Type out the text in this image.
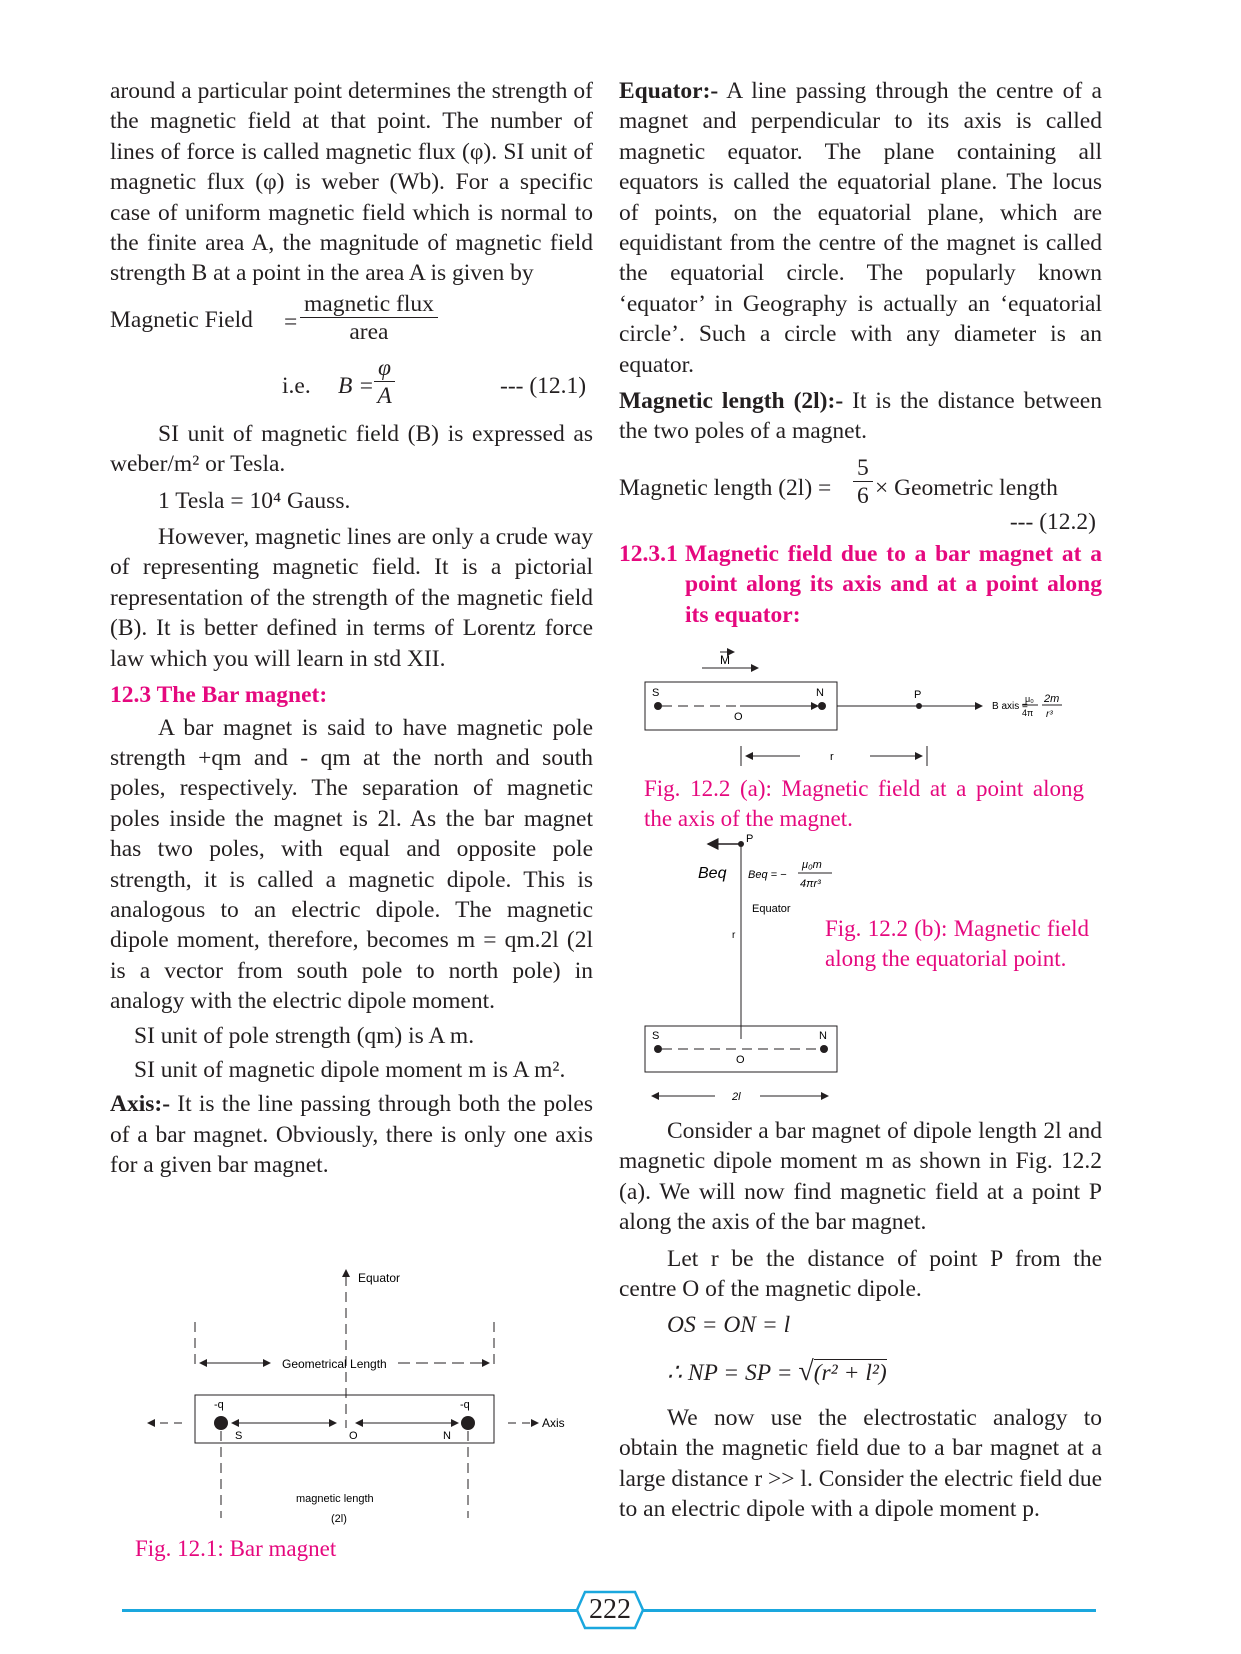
around a particular point determines the strength of the magnetic field at that point. The number of lines of force is called magnetic flux (φ). SI unit of magnetic flux (φ) is weber (Wb). For a specific case of uniform magnetic field which is normal to the finite area A, the magnitude of magnetic field strength B at a point in the area A is given by

Magnetic Field =
magnetic flux
area
i.e. $B = \frac{\varphi}{A}$	--- (12.1)

SI unit of magnetic field (B) is expressed as weber/m² or Tesla.

1 Tesla = 10⁴ Gauss.

However, magnetic lines are only a crude way of representing magnetic field. It is a pictorial representation of the strength of the magnetic field (B). It is better defined in terms of Lorentz force law which you will learn in std XII.

12.3 The Bar magnet:

A bar magnet is said to have magnetic pole strength +qm and - qm at the north and south poles, respectively. The separation of magnetic poles inside the magnet is 2l. As the bar magnet has two poles, with equal and opposite pole strength, it is called a magnetic dipole. This is analogous to an electric dipole. The magnetic dipole moment, therefore, becomes m = qm.2l (2l is a vector from south pole to north pole) in analogy with the electric dipole moment.

SI unit of pole strength (qm) is A m.

SI unit of magnetic dipole moment m is A m².

Axis:- It is the line passing through both the poles of a bar magnet. Obviously, there is only one axis for a given bar magnet.

Equator
Geometrical Length
Axis
-q	-q
S	O	N
magnetic length
(2l)
Fig. 12.1: Bar magnet

Equator:- A line passing through the centre of a magnet and perpendicular to its axis is called magnetic equator. The plane containing all equators is called the equatorial plane. The locus of points, on the equatorial plane, which are equidistant from the centre of the magnet is called the equatorial circle. The popularly known ‘equator’ in Geography is actually an ‘equatorial circle’. Such a circle with any diameter is an equator.

Magnetic length (2l):- It is the distance between the two poles of a magnet.

Magnetic length $(2l) = \frac{5}{6}$ × Geometric length
--- (12.2)
12.3.1 Magnetic field due to a bar magnet at a point along its axis and at a point along its equator:

M
S	N
O
P
B axis =
μ₀
4π
2m
r³
r
Fig. 12.2 (a): Magnetic field at a point along the axis of the magnet.
P
Beq Beq = −
μ₀m
4πr³
Equator
r
S	N
O
2l
Fig. 12.2 (b): Magnetic field along the equatorial point.

Consider a bar magnet of dipole length 2l and magnetic dipole moment m as shown in Fig. 12.2 (a). We will now find magnetic field at a point P along the axis of the bar magnet.

Let r be the distance of point P from the centre O of the magnetic dipole.

OS = ON = l

∴ NP = SP = √(r² + l²)

We now use the electrostatic analogy to obtain the magnetic field due to a bar magnet at a large distance r >> l. Consider the electric field due to an electric dipole with a dipole moment p.

222
